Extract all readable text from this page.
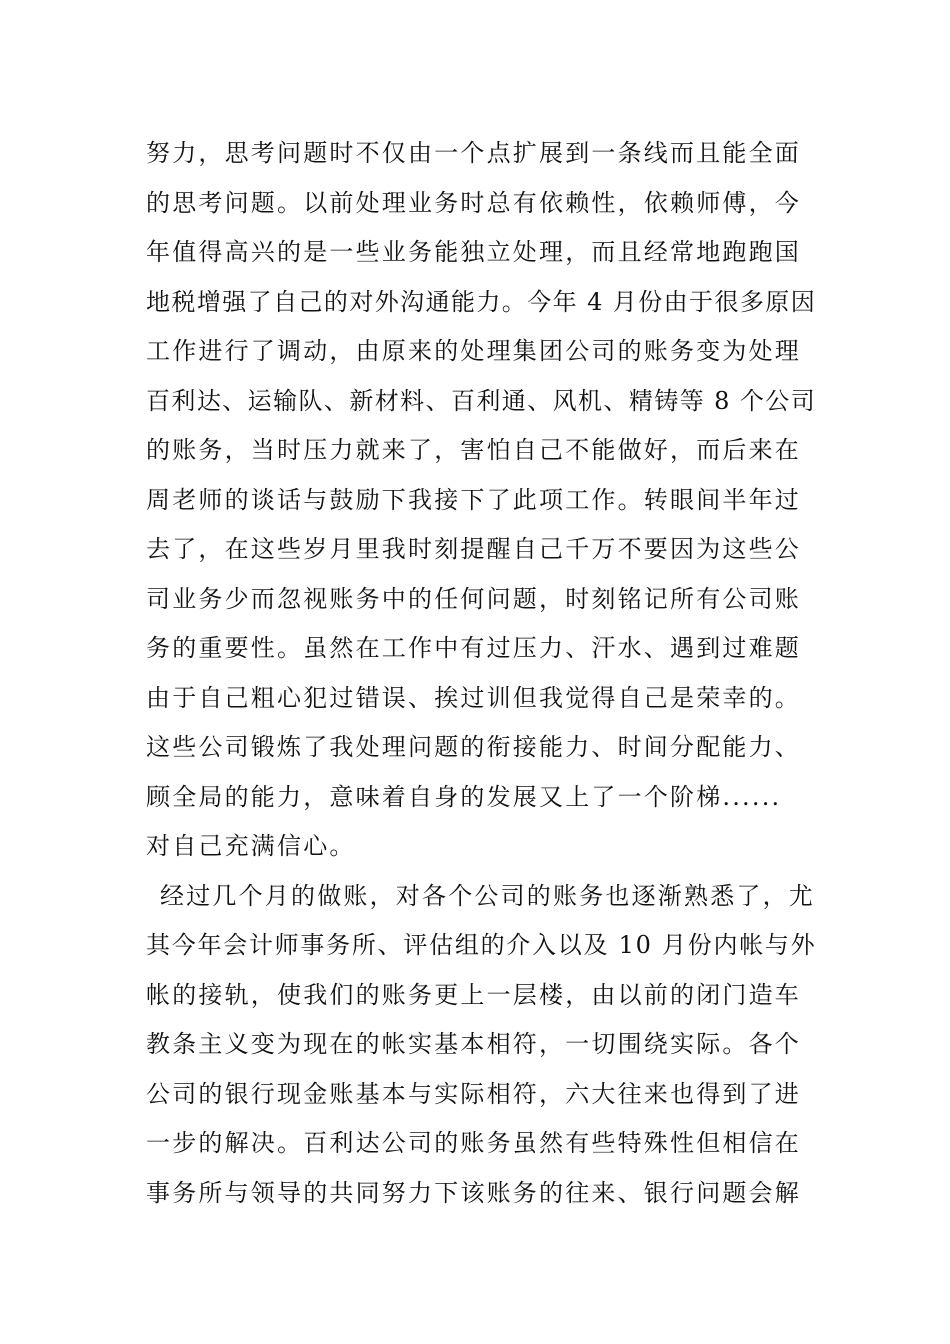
努力，思考问题时不仅由一个点扩展到一条线而且能全面
的思考问题。以前处理业务时总有依赖性，依赖师傅，今
年值得高兴的是一些业务能独立处理，而且经常地跑跑国
地税增强了自己的对外沟通能力。今年 4 月份由于很多原因
工作进行了调动，由原来的处理集团公司的账务变为处理
百利达、运输队、新材料、百利通、风机、精铸等 8 个公司
的账务，当时压力就来了，害怕自己不能做好，而后来在
周老师的谈话与鼓励下我接下了此项工作。转眼间半年过
去了，在这些岁月里我时刻提醒自己千万不要因为这些公
司业务少而忽视账务中的任何问题，时刻铭记所有公司账
务的重要性。虽然在工作中有过压力、汗水、遇到过难题
由于自己粗心犯过错误、挨过训但我觉得自己是荣幸的。
这些公司锻炼了我处理问题的衔接能力、时间分配能力、
顾全局的能力，意味着自身的发展又上了一个阶梯......
对自己充满信心。
经过几个月的做账，对各个公司的账务也逐渐熟悉了，尤
其今年会计师事务所、评估组的介入以及 10 月份内帐与外
帐的接轨，使我们的账务更上一层楼，由以前的闭门造车
教条主义变为现在的帐实基本相符，一切围绕实际。各个
公司的银行现金账基本与实际相符，六大往来也得到了进
一步的解决。百利达公司的账务虽然有些特殊性但相信在
事务所与领导的共同努力下该账务的往来、银行问题会解
